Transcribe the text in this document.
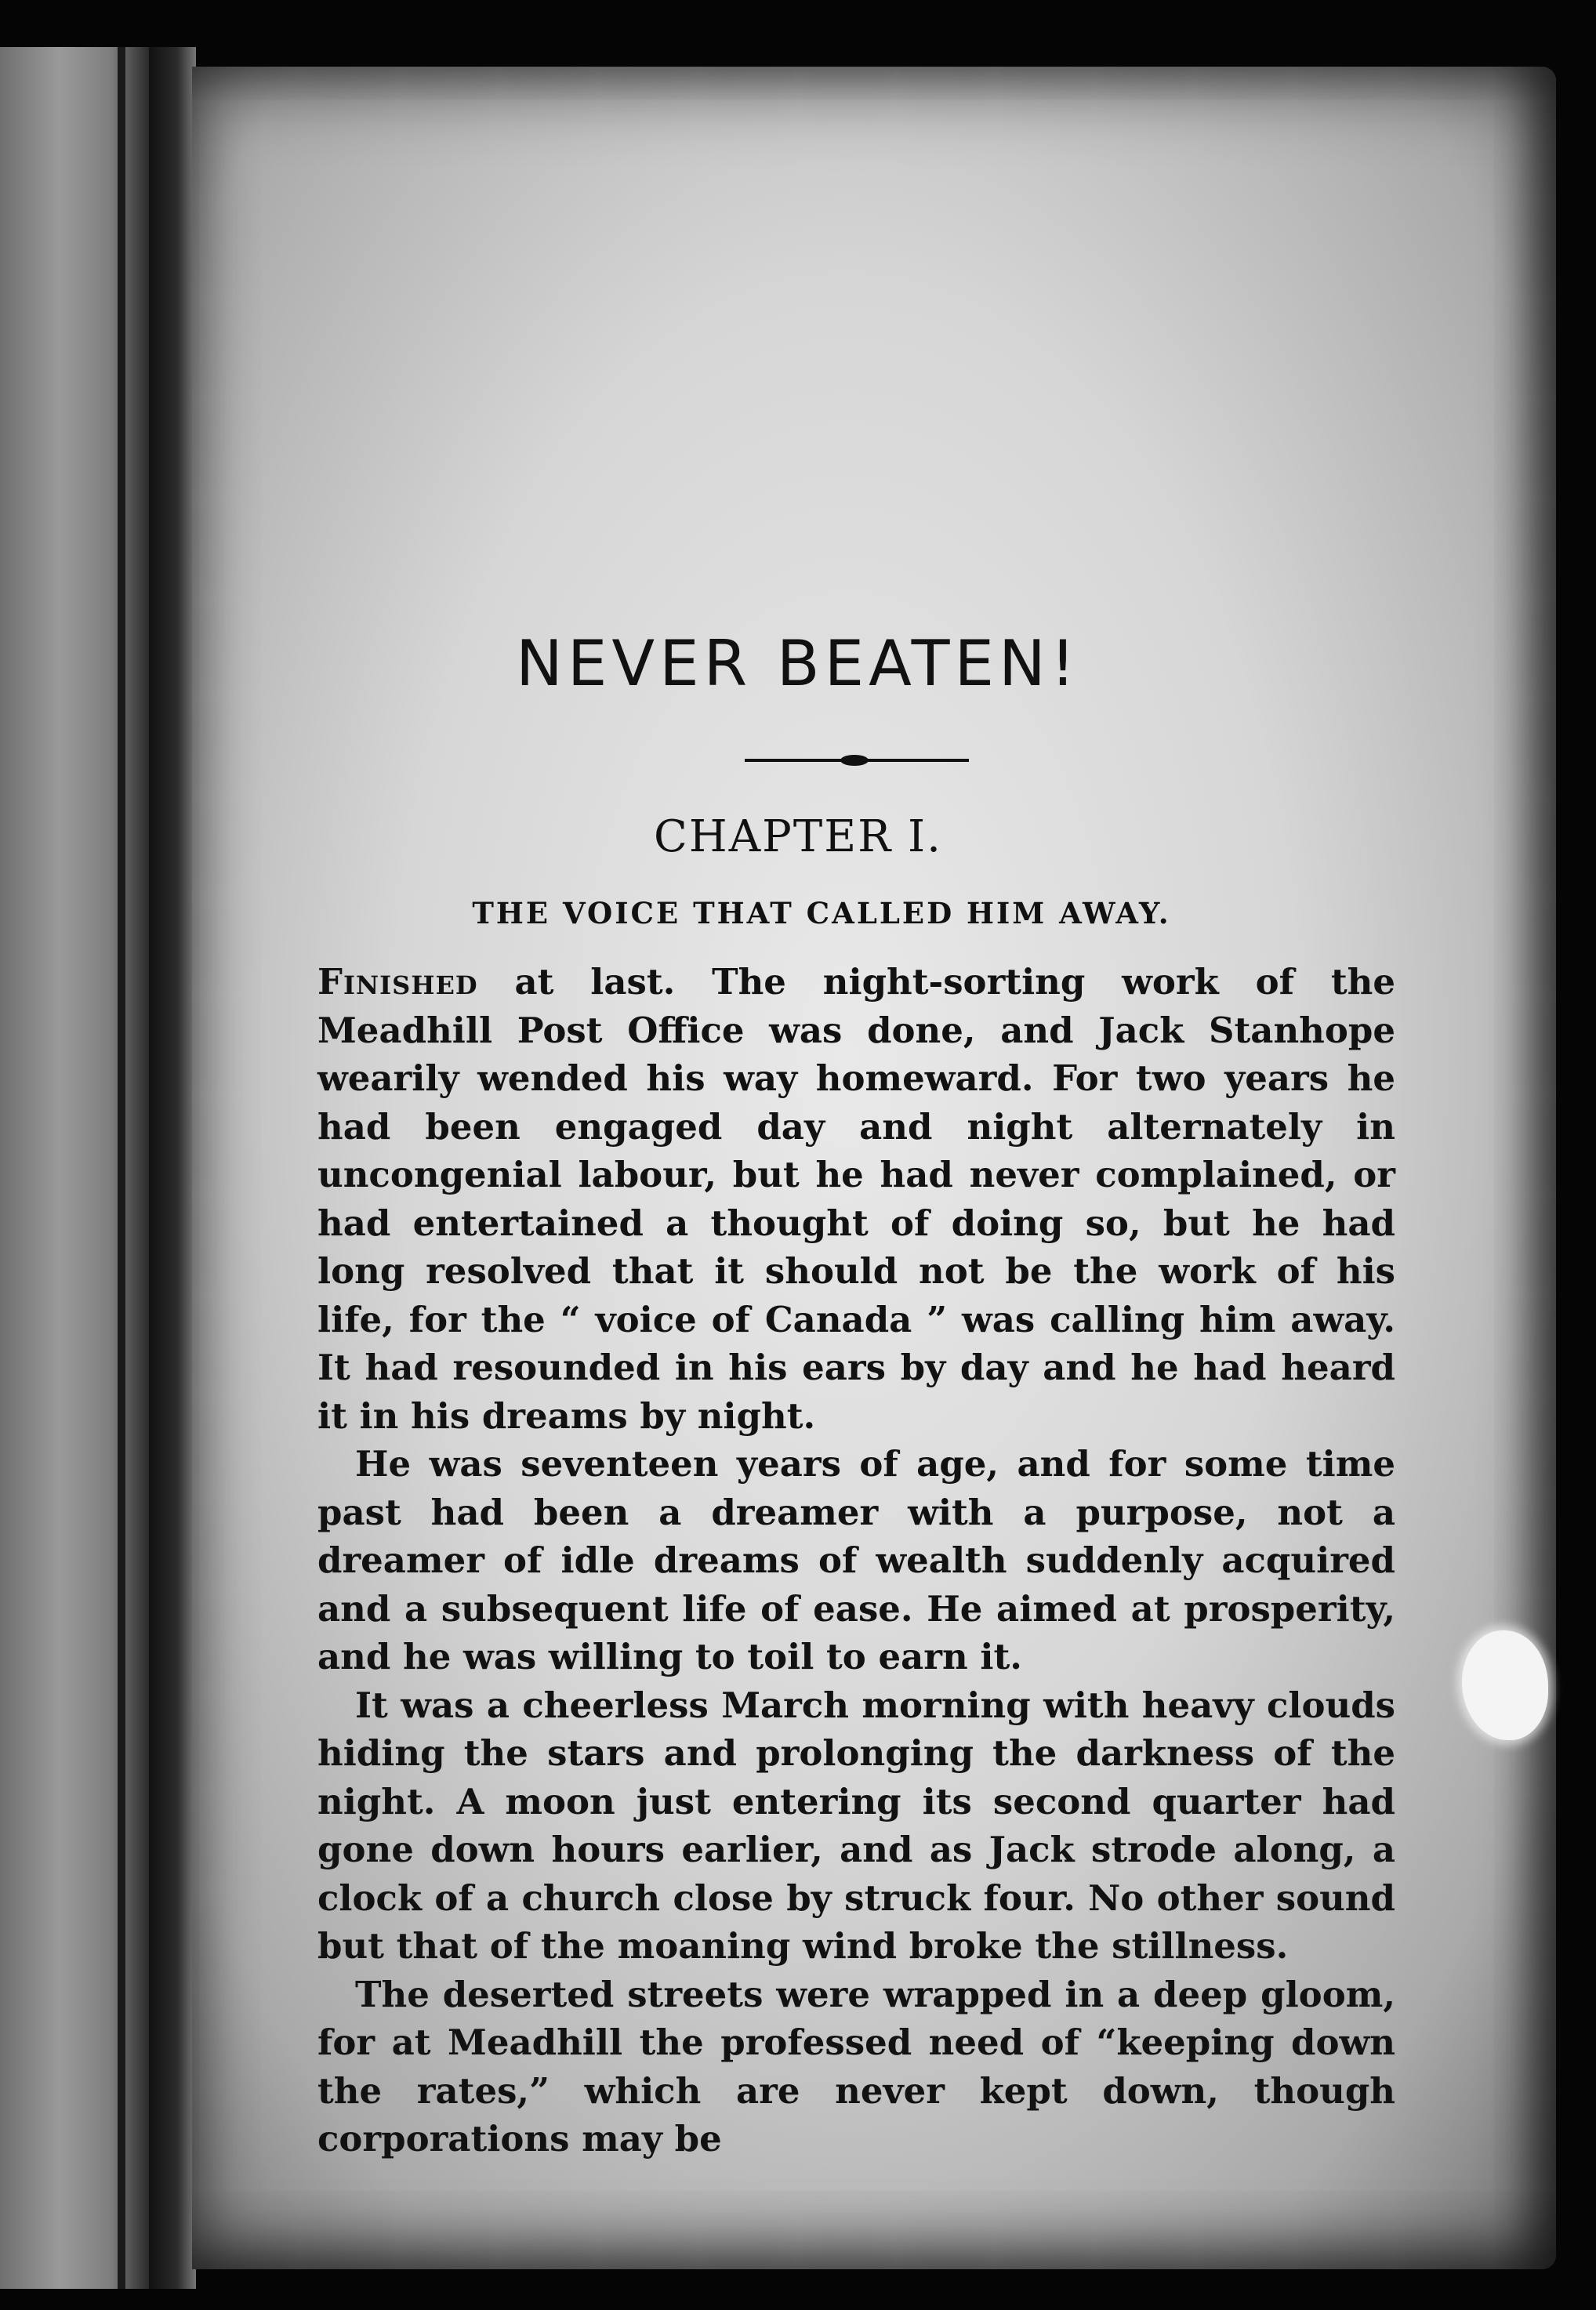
NEVER BEATEN!
CHAPTER I.
THE VOICE THAT CALLED HIM AWAY.

Finished at last. The night-sorting work of the Meadhill Post Office was done, and Jack Stanhope wearily wended his way homeward. For two years he had been engaged day and night alternately in uncongenial labour, but he had never complained, or had entertained a thought of doing so, but he had long resolved that it should not be the work of his life, for the “ voice of Canada ” was calling him away. It had resounded in his ears by day and he had heard it in his dreams by night.

He was seventeen years of age, and for some time past had been a dreamer with a purpose, not a dreamer of idle dreams of wealth suddenly acquired and a subsequent life of ease. He aimed at prosperity, and he was willing to toil to earn it.

It was a cheerless March morning with heavy clouds hiding the stars and prolonging the darkness of the night. A moon just entering its second quarter had gone down hours earlier, and as Jack strode along, a clock of a church close by struck four. No other sound but that of the moaning wind broke the stillness.

The deserted streets were wrapped in a deep gloom, for at Meadhill the professed need of “keeping down the rates,” which are never kept down, though corporations may be
